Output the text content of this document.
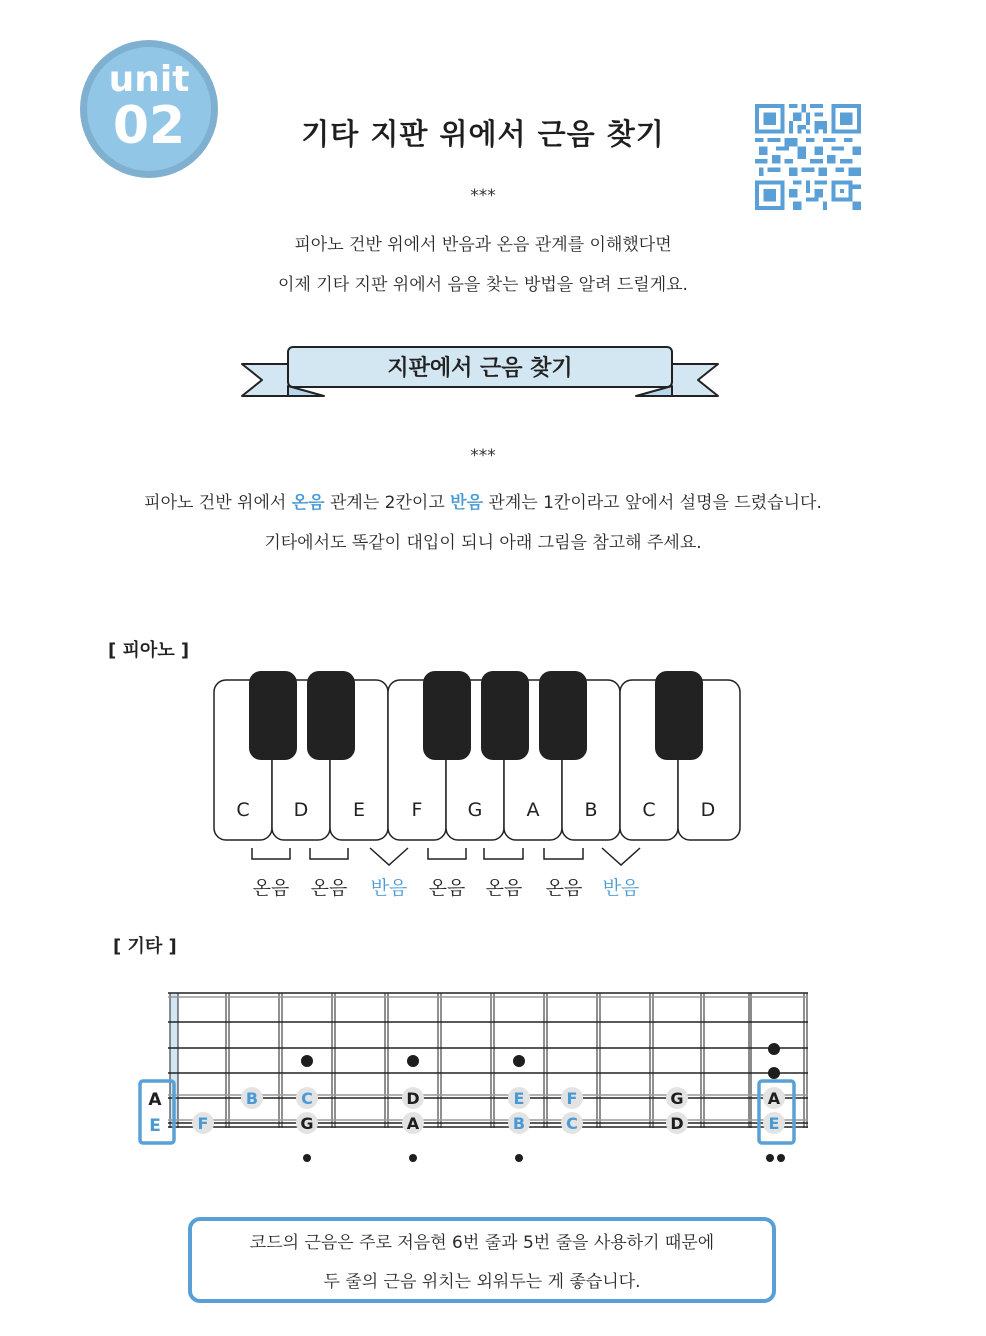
unit
02	기타 지판 위에서 근음 찾기
***

피아노 건반 위에서 반음과 온음 관계를 이해했다면

이제 기타 지판 위에서 음을 찾는 방법을 알려 드릴게요.

지판에서 근음 찾기
***

피아노 건반 위에서 온음 관계는 2칸이고 반음 관계는 1칸이라고 앞에서 설명을 드렸습니다.

기타에서도 똑같이 대입이 되니 아래 그림을 참고해 주세요.

[ 피아노 ]
C D E F G A B C D
온음 온음 반음 온음 온음 온음 반음
[ 기타 ]
A
E
B	C	D	E	F	G	A
F	G	A	B	C	D	E

코드의 근음은 주로 저음현 6번 줄과 5번 줄을 사용하기 때문에

두 줄의 근음 위치는 외워두는 게 좋습니다.
